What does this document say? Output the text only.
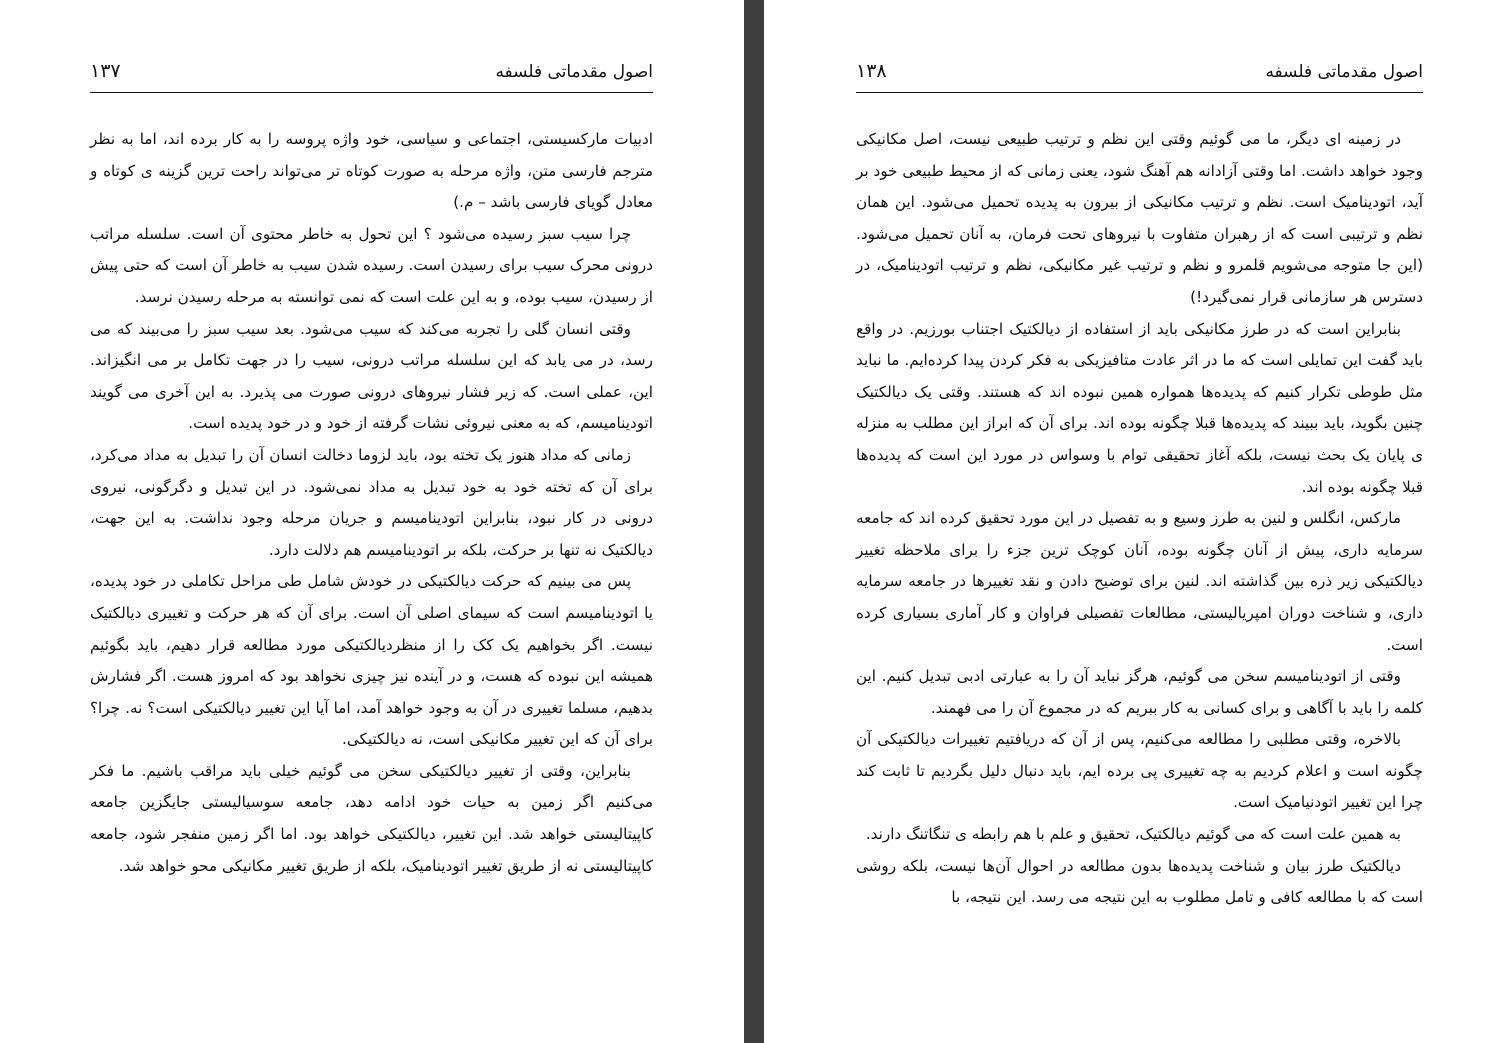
اصول مقدماتی فلسفه
۱۳۷

ادبیات مارکسیستی، اجتماعی و سیاسی، خود واژه پروسه را به کار برده اند، اما به نظر مترجم فارسی متن، واژه مرحله به صورت کوتاه تر می‌تواند راحت ترین گزینه ی کوتاه و معادل گویای فارسی باشد – م.)

چرا سیب سبز رسیده می‌شود ؟ این تحول به خاطر محتوی آن است. سلسله مراتب درونی محرک سیب برای رسیدن است. رسیده شدن سیب به خاطر آن است که حتی پیش از رسیدن، سیب بوده، و به این علت است که نمی توانسته به مرحله رسیدن نرسد.

وقتی انسان گلی را تجربه می‌کند که سیب می‌شود. بعد سیب سبز را می‌بیند که می رسد، در می یابد که این سلسله مراتب درونی، سیب را در جهت تکامل بر می انگیزاند. این، عملی است. که زیر فشار نیروهای درونی صورت می پذیرد. به این آخری می گویند اتودینامیسم، که به معنی نیروئی نشات گرفته از خود و در خود پدیده است.

زمانی که مداد هنوز یک تخته بود، باید لزوما دخالت انسان آن را تبدیل به مداد می‌کرد، برای آن که تخته خود به خود تبدیل به مداد نمی‌شود. در این تبدیل و دگرگونی، نیروی درونی در کار نبود، بنابراین اتودینامیسم و جریان مرحله وجود نداشت. به این جهت، دیالکتیک نه تنها بر حرکت، بلکه بر اتودینامیسم هم دلالت دارد.

پس می بینیم که حرکت دیالکتیکی در خودش شامل طی مراحل تکاملی در خود پدیده، یا اتودینامیسم است که سیمای اصلی آن است. برای آن که هر حرکت و تغییری دیالکتیک نیست. اگر بخواهیم یک کک را از منظردیالکتیکی مورد مطالعه قرار دهیم، باید بگوئیم همیشه این نبوده که هست، و در آینده نیز چیزی نخواهد بود که امروز هست. اگر فشارش بدهیم، مسلما تغییری در آن به وجود خواهد آمد، اما آیا این تغییر دیالکتیکی است؟ نه. چرا؟ برای آن که این تغییر مکانیکی است، نه دیالکتیکی.

بنابراین، وقتی از تغییر دیالکتیکی سخن می گوئیم خیلی باید مراقب باشیم. ما فکر می‌کنیم اگر زمین به حیات خود ادامه دهد، جامعه سوسیالیستی جایگزین جامعه کاپیتالیستی خواهد شد. این تغییر، دیالکتیکی خواهد بود. اما اگر زمین منفجر شود، جامعه کاپیتالیستی نه از طریق تغییر اتودینامیک، بلکه از طریق تغییر مکانیکی محو خواهد شد.

اصول مقدماتی فلسفه
۱۳۸

در زمینه ای دیگر، ما می گوئیم وقتی این نظم و ترتیب طبیعی نیست، اصل مکانیکی وجود خواهد داشت. اما وقتی آزادانه هم آهنگ شود، یعنی زمانی که از محیط طبیعی خود بر آید، اتودینامیک است. نظم و ترتیب مکانیکی از بیرون به پدیده تحمیل می‌شود. این همان نظم و ترتیبی است که از رهبران متفاوت با نیروهای تحت فرمان، به آنان تحمیل می‌شود. (این جا متوجه می‌شویم قلمرو و نظم و ترتیب غیر مکانیکی، نظم و ترتیب اتودینامیک، در دسترس هر سازمانی قرار نمی‌گیرد!)

بنابراین است که در طرز مکانیکی باید از استفاده از دیالکتیک اجتناب بورزیم. در واقع باید گفت این تمایلی است که ما در اثر عادت متافیزیکی به فکر کردن پیدا کرده‌ایم. ما نباید مثل طوطی تکرار کنیم که پدیده‌ها همواره همین نبوده اند که هستند. وقتی یک دیالکتیک چنین بگوید، باید ببیند که پدیده‌ها قبلا چگونه بوده اند. برای آن که ابراز این مطلب به منزله ی پایان یک بحث نیست، بلکه آغاز تحقیقی توام با وسواس در مورد این است که پدیده‌ها قبلا چگونه بوده اند.

مارکس، انگلس و لنین به طرز وسیع و به تفصیل در این مورد تحقیق کرده اند که جامعه سرمایه داری، پیش از آنان چگونه بوده، آنان کوچک ترین جزء را برای ملاحظه تغییر دیالکتیکی زیر ذره بین گذاشته اند. لنین برای توضیح دادن و نقد تغییرها در جامعه سرمایه داری، و شناخت دوران امپریالیستی، مطالعات تفصیلی فراوان و کار آماری بسیاری کرده است.

وقتی از اتودینامیسم سخن می گوئیم، هرگز نباید آن را به عبارتی ادبی تبدیل کنیم. این کلمه را باید با آگاهی و برای کسانی به کار ببریم که در مجموع آن را می فهمند.

بالاخره، وقتی مطلبی را مطالعه می‌کنیم، پس از آن که دریافتیم تغییرات دیالکتیکی آن چگونه است و اعلام کردیم به چه تغییری پی برده ایم، باید دنبال دلیل بگردیم تا ثابت کند چرا این تغییر اتودنیامیک است.

به همین علت است که می گوئیم دیالکتیک، تحقیق و علم با هم رابطه ی تنگاتنگ دارند.

دیالکتیک طرز بیان و شناخت پدیده‌ها بدون مطالعه در احوال آن‌ها نیست، بلکه روشی است که با مطالعه کافی و تامل مطلوب به این نتیجه می رسد. این نتیجه، با
